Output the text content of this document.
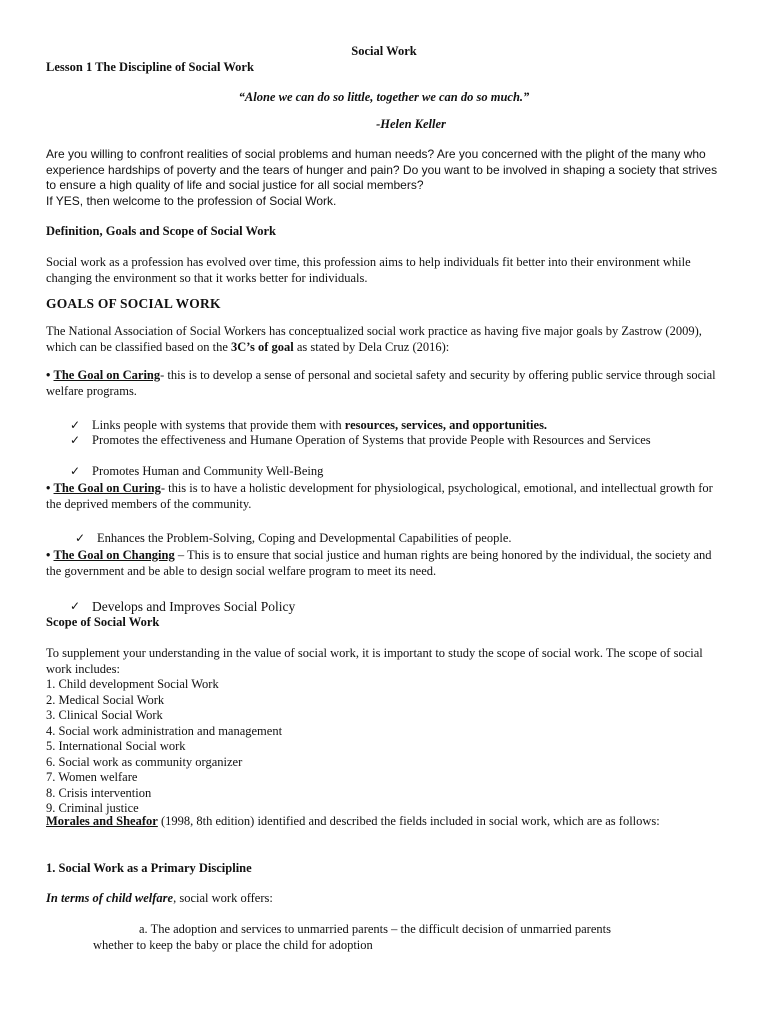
Social Work

Lesson 1 The Discipline of Social Work

“Alone we can do so little, together we can do so much.”

-Helen Keller

Are you willing to confront realities of social problems and human needs? Are you concerned with the plight of the many who experience hardships of poverty and the tears of hunger and pain? Do you want to be involved in shaping a society that strives to ensure a high quality of life and social justice for all social members?
If YES, then welcome to the profession of Social Work.

Definition, Goals and Scope of Social Work

Social work as a profession has evolved over time, this profession aims to help individuals fit better into their environment while changing the environment so that it works better for individuals.

GOALS OF SOCIAL WORK

The National Association of Social Workers has conceptualized social work practice as having five major goals by Zastrow (2009), which can be classified based on the 3C’s of goal as stated by Dela Cruz (2016):

• The Goal on Caring- this is to develop a sense of personal and societal safety and security by offering public service through social welfare programs.

✓ Links people with systems that provide them with resources, services, and opportunities.
✓ Promotes the effectiveness and Humane Operation of Systems that provide People with Resources and Services
✓ Promotes Human and Community Well-Being

• The Goal on Curing- this is to have a holistic development for physiological, psychological, emotional, and intellectual growth for the deprived members of the community.

✓ Enhances the Problem-Solving, Coping and Developmental Capabilities of people.

• The Goal on Changing – This is to ensure that social justice and human rights are being honored by the individual, the society and the government and be able to design social welfare program to meet its need.

✓ Develops and Improves Social Policy

Scope of Social Work

To supplement your understanding in the value of social work, it is important to study the scope of social work. The scope of social work includes:

1. Child development Social Work
2. Medical Social Work
3. Clinical Social Work
4. Social work administration and management
5. International Social work
6. Social work as community organizer
7. Women welfare
8. Crisis intervention
9. Criminal justice

Morales and Sheafor (1998, 8th edition) identified and described the fields included in social work, which are as follows:

1. Social Work as a Primary Discipline

In terms of child welfare, social work offers:

a. The adoption and services to unmarried parents – the difficult decision of unmarried parents

whether to keep the baby or place the child for adoption
